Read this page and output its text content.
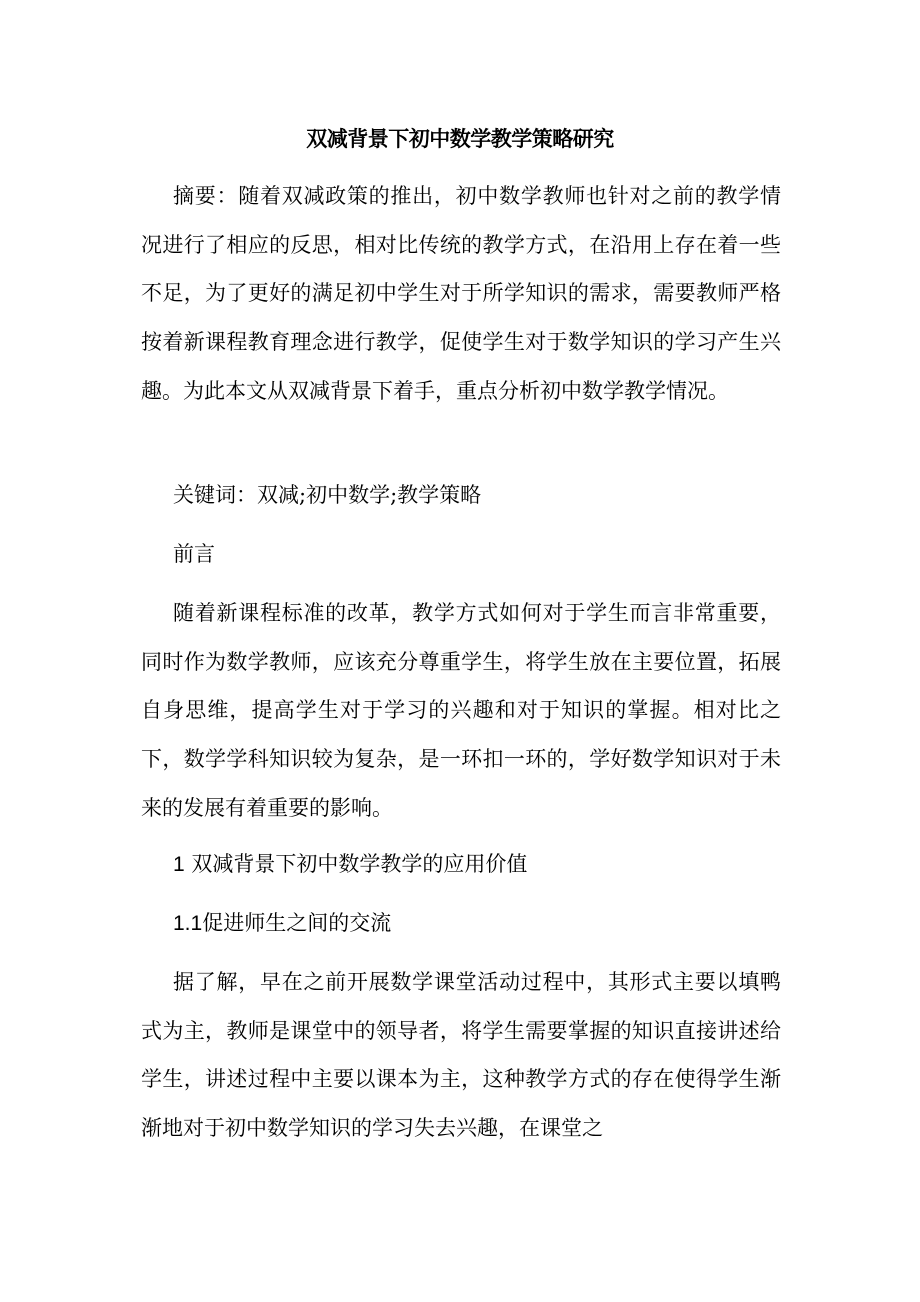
双减背景下初中数学教学策略研究

摘要：随着双减政策的推出，初中数学教师也针对之前的教学情况进行了相应的反思，相对比传统的教学方式，在沿用上存在着一些不足，为了更好的满足初中学生对于所学知识的需求，需要教师严格按着新课程教育理念进行教学，促使学生对于数学知识的学习产生兴趣。为此本文从双减背景下着手，重点分析初中数学教学情况。

关键词：双减;初中数学;教学策略
前言

随着新课程标准的改革，教学方式如何对于学生而言非常重要，同时作为数学教师，应该充分尊重学生，将学生放在主要位置，拓展自身思维，提高学生对于学习的兴趣和对于知识的掌握。相对比之下，数学学科知识较为复杂，是一环扣一环的，学好数学知识对于未来的发展有着重要的影响。

1 双减背景下初中数学教学的应用价值
1.1促进师生之间的交流

据了解，早在之前开展数学课堂活动过程中，其形式主要以填鸭式为主，教师是课堂中的领导者，将学生需要掌握的知识直接讲述给学生，讲述过程中主要以课本为主，这种教学方式的存在使得学生渐渐地对于初中数学知识的学习失去兴趣，在课堂之
